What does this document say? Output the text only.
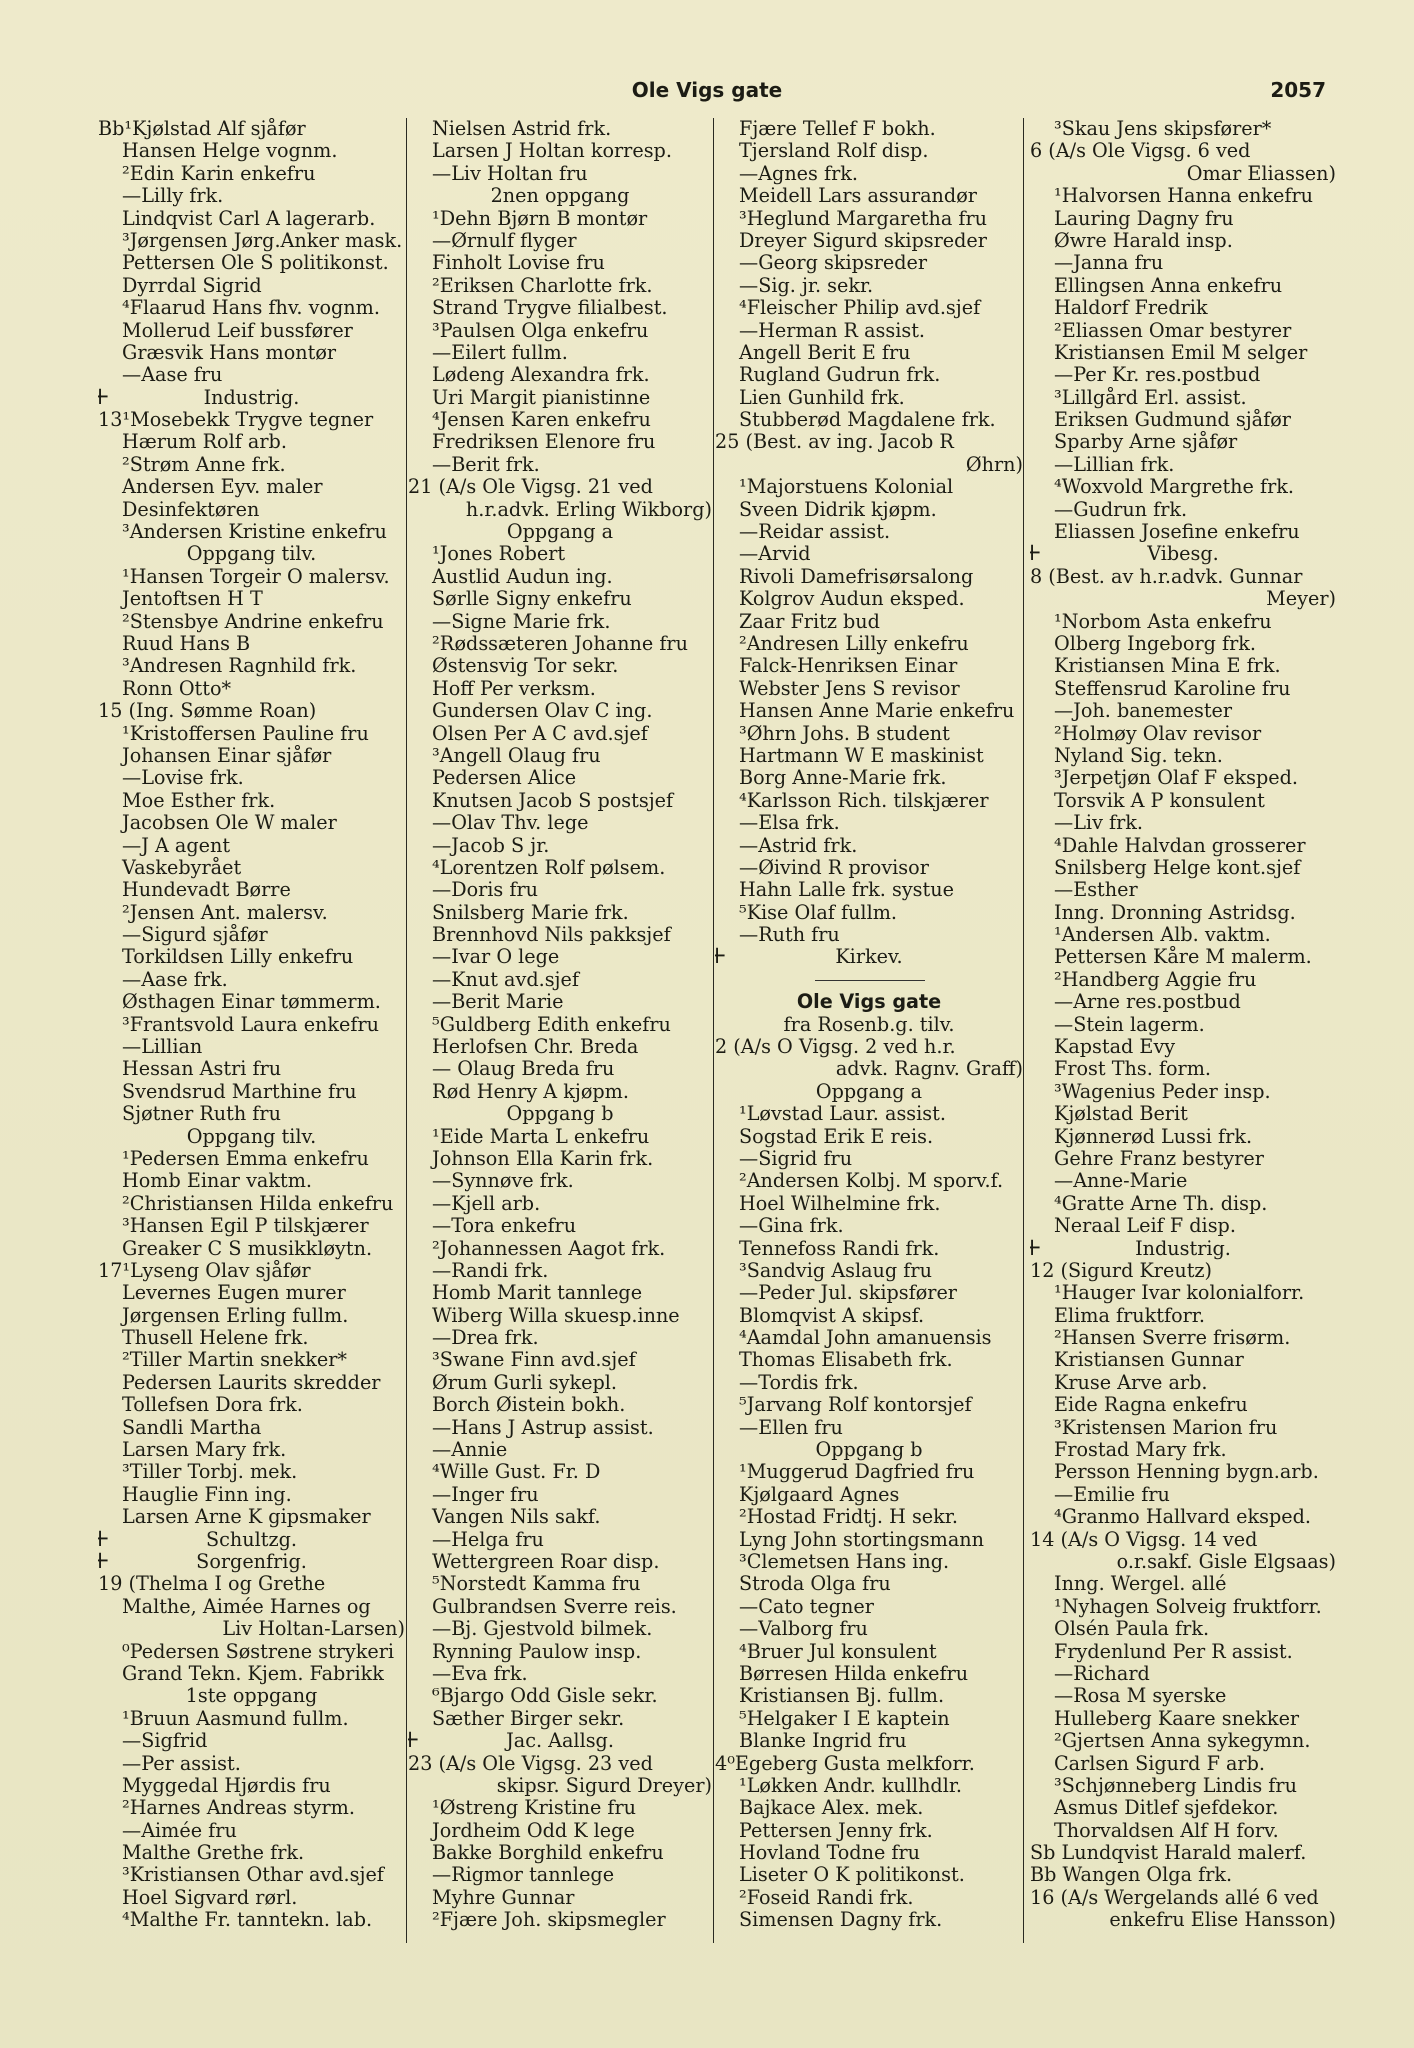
Ole Vigs gate	2057
Bb¹Kjølstad Alf sjåfør
Hansen Helge vognm.
²Edin Karin enkefru
—Lilly frk.
Lindqvist Carl A lagerarb.
³Jørgensen Jørg.Anker mask.
Pettersen Ole S politikonst.
Dyrrdal Sigrid
⁴Flaarud Hans fhv. vognm.
Mollerud Leif bussfører
Græsvik Hans montør
—Aase fru
+ Industrig.
13¹Mosebekk Trygve tegner
Hærum Rolf arb.
²Strøm Anne frk.
Andersen Eyv. maler
Desinfektøren
³Andersen Kristine enkefru
Oppgang tilv.
¹Hansen Torgeir O malersv.
Jentoftsen H T
²Stensbye Andrine enkefru
Ruud Hans B
³Andresen Ragnhild frk.
Ronn Otto*
15 (Ing. Sømme Roan)
¹Kristoffersen Pauline fru
Johansen Einar sjåfør
—Lovise frk.
Moe Esther frk.
Jacobsen Ole W maler
—J A agent
Vaskebyrået
Hundevadt Børre
²Jensen Ant. malersv.
—Sigurd sjåfør
Torkildsen Lilly enkefru
—Aase frk.
Østhagen Einar tømmerm.
³Frantsvold Laura enkefru
—Lillian
Hessan Astri fru
Svendsrud Marthine fru
Sjøtner Ruth fru
Oppgang tilv.
¹Pedersen Emma enkefru
Homb Einar vaktm.
²Christiansen Hilda enkefru
³Hansen Egil P tilskjærer
Greaker C S musikkløytn.
17¹Lyseng Olav sjåfør
Levernes Eugen murer
Jørgensen Erling fullm.
Thusell Helene frk.
²Tiller Martin snekker*
Pedersen Laurits skredder
Tollefsen Dora frk.
Sandli Martha
Larsen Mary frk.
³Tiller Torbj. mek.
Hauglie Finn ing.
Larsen Arne K gipsmaker
+ Schultzg.
+ Sorgenfrig.
19 (Thelma I og Grethe
Malthe, Aimée Harnes og
Liv Holtan-Larsen)
⁰Pedersen Søstrene strykeri
Grand Tekn. Kjem. Fabrikk
1ste oppgang
¹Bruun Aasmund fullm.
—Sigfrid
—Per assist.
Myggedal Hjørdis fru
²Harnes Andreas styrm.
—Aimée fru
Malthe Grethe frk.
³Kristiansen Othar avd.sjef
Hoel Sigvard rørl.
⁴Malthe Fr. tanntekn. lab.
Nielsen Astrid frk.
Larsen J Holtan korresp.
—Liv Holtan fru
2nen oppgang
¹Dehn Bjørn B montør
—Ørnulf flyger
Finholt Lovise fru
²Eriksen Charlotte frk.
Strand Trygve filialbest.
³Paulsen Olga enkefru
—Eilert fullm.
Lødeng Alexandra frk.
Uri Margit pianistinne
⁴Jensen Karen enkefru
Fredriksen Elenore fru
—Berit frk.
21 (A/s Ole Vigsg. 21 ved
h.r.advk. Erling Wikborg)
Oppgang a
¹Jones Robert
Austlid Audun ing.
Sørlle Signy enkefru
—Signe Marie frk.
²Rødssæteren Johanne fru
Østensvig Tor sekr.
Hoff Per verksm.
Gundersen Olav C ing.
Olsen Per A C avd.sjef
³Angell Olaug fru
Pedersen Alice
Knutsen Jacob S postsjef
—Olav Thv. lege
—Jacob S jr.
⁴Lorentzen Rolf pølsem.
—Doris fru
Snilsberg Marie frk.
Brennhovd Nils pakksjef
—Ivar O lege
—Knut avd.sjef
—Berit Marie
⁵Guldberg Edith enkefru
Herlofsen Chr. Breda
— Olaug Breda fru
Rød Henry A kjøpm.
Oppgang b
¹Eide Marta L enkefru
Johnson Ella Karin frk.
—Synnøve frk.
—Kjell arb.
—Tora enkefru
²Johannessen Aagot frk.
—Randi frk.
Homb Marit tannlege
Wiberg Willa skuesp.inne
—Drea frk.
³Swane Finn avd.sjef
Ørum Gurli sykepl.
Borch Øistein bokh.
—Hans J Astrup assist.
—Annie
⁴Wille Gust. Fr. D
—Inger fru
Vangen Nils sakf.
—Helga fru
Wettergreen Roar disp.
⁵Norstedt Kamma fru
Gulbrandsen Sverre reis.
—Bj. Gjestvold bilmek.
Rynning Paulow insp.
—Eva frk.
⁶Bjargo Odd Gisle sekr.
Sæther Birger sekr.
+ Jac. Aallsg.
23 (A/s Ole Vigsg. 23 ved
skipsr. Sigurd Dreyer)
¹Østreng Kristine fru
Jordheim Odd K lege
Bakke Borghild enkefru
—Rigmor tannlege
Myhre Gunnar
²Fjære Joh. skipsmegler
Fjære Tellef F bokh.
Tjersland Rolf disp.
—Agnes frk.
Meidell Lars assurandør
³Heglund Margaretha fru
Dreyer Sigurd skipsreder
—Georg skipsreder
—Sig. jr. sekr.
⁴Fleischer Philip avd.sjef
—Herman R assist.
Angell Berit E fru
Rugland Gudrun frk.
Lien Gunhild frk.
Stubberød Magdalene frk.
25 (Best. av ing. Jacob R
Øhrn)
¹Majorstuens Kolonial
Sveen Didrik kjøpm.
—Reidar assist.
—Arvid
Rivoli Damefrisørsalong
Kolgrov Audun eksped.
Zaar Fritz bud
²Andresen Lilly enkefru
Falck-Henriksen Einar
Webster Jens S revisor
Hansen Anne Marie enkefru
³Øhrn Johs. B student
Hartmann W E maskinist
Borg Anne-Marie frk.
⁴Karlsson Rich. tilskjærer
—Elsa frk.
—Astrid frk.
—Øivind R provisor
Hahn Lalle frk. systue
⁵Kise Olaf fullm.
—Ruth fru
+ Kirkev.
Ole Vigs gate
fra Rosenb.g. tilv.
2 (A/s O Vigsg. 2 ved h.r.
advk. Ragnv. Graff)
Oppgang a
¹Løvstad Laur. assist.
Sogstad Erik E reis.
—Sigrid fru
²Andersen Kolbj. M sporv.f.
Hoel Wilhelmine frk.
—Gina frk.
Tennefoss Randi frk.
³Sandvig Aslaug fru
—Peder Jul. skipsfører
Blomqvist A skipsf.
⁴Aamdal John amanuensis
Thomas Elisabeth frk.
—Tordis frk.
⁵Jarvang Rolf kontorsjef
—Ellen fru
Oppgang b
¹Muggerud Dagfried fru
Kjølgaard Agnes
²Hostad Fridtj. H sekr.
Lyng John stortingsmann
³Clemetsen Hans ing.
Stroda Olga fru
—Cato tegner
—Valborg fru
⁴Bruer Jul konsulent
Børresen Hilda enkefru
Kristiansen Bj. fullm.
⁵Helgaker I E kaptein
Blanke Ingrid fru
4⁰Egeberg Gusta melkforr.
¹Løkken Andr. kullhdlr.
Bajkace Alex. mek.
Pettersen Jenny frk.
Hovland Todne fru
Liseter O K politikonst.
²Foseid Randi frk.
Simensen Dagny frk.
³Skau Jens skipsfører*
6 (A/s Ole Vigsg. 6 ved
Omar Eliassen)
¹Halvorsen Hanna enkefru
Lauring Dagny fru
Øwre Harald insp.
—Janna fru
Ellingsen Anna enkefru
Haldorf Fredrik
²Eliassen Omar bestyrer
Kristiansen Emil M selger
—Per Kr. res.postbud
³Lillgård Erl. assist.
Eriksen Gudmund sjåfør
Sparby Arne sjåfør
—Lillian frk.
⁴Woxvold Margrethe frk.
—Gudrun frk.
Eliassen Josefine enkefru
+ Vibesg.
8 (Best. av h.r.advk. Gunnar
Meyer)
¹Norbom Asta enkefru
Olberg Ingeborg frk.
Kristiansen Mina E frk.
Steffensrud Karoline fru
—Joh. banemester
²Holmøy Olav revisor
Nyland Sig. tekn.
³Jerpetjøn Olaf F eksped.
Torsvik A P konsulent
—Liv frk.
⁴Dahle Halvdan grosserer
Snilsberg Helge kont.sjef
—Esther
Inng. Dronning Astridsg.
¹Andersen Alb. vaktm.
Pettersen Kåre M malerm.
²Handberg Aggie fru
—Arne res.postbud
—Stein lagerm.
Kapstad Evy
Frost Ths. form.
³Wagenius Peder insp.
Kjølstad Berit
Kjønnerød Lussi frk.
Gehre Franz bestyrer
—Anne-Marie
⁴Gratte Arne Th. disp.
Neraal Leif F disp.
+ Industrig.
12 (Sigurd Kreutz)
¹Hauger Ivar kolonialforr.
Elima fruktforr.
²Hansen Sverre frisørm.
Kristiansen Gunnar
Kruse Arve arb.
Eide Ragna enkefru
³Kristensen Marion fru
Frostad Mary frk.
Persson Henning bygn.arb.
—Emilie fru
⁴Granmo Hallvard eksped.
14 (A/s O Vigsg. 14 ved
o.r.sakf. Gisle Elgsaas)
Inng. Wergel. allé
¹Nyhagen Solveig fruktforr.
Olsén Paula frk.
Frydenlund Per R assist.
—Richard
—Rosa M syerske
Hulleberg Kaare snekker
²Gjertsen Anna sykegymn.
Carlsen Sigurd F arb.
³Schjønneberg Lindis fru
Asmus Ditlef sjefdekor.
Thorvaldsen Alf H forv.
Sb Lundqvist Harald malerf.
Bb Wangen Olga frk.
16 (A/s Wergelands allé 6 ved
enkefru Elise Hansson)
